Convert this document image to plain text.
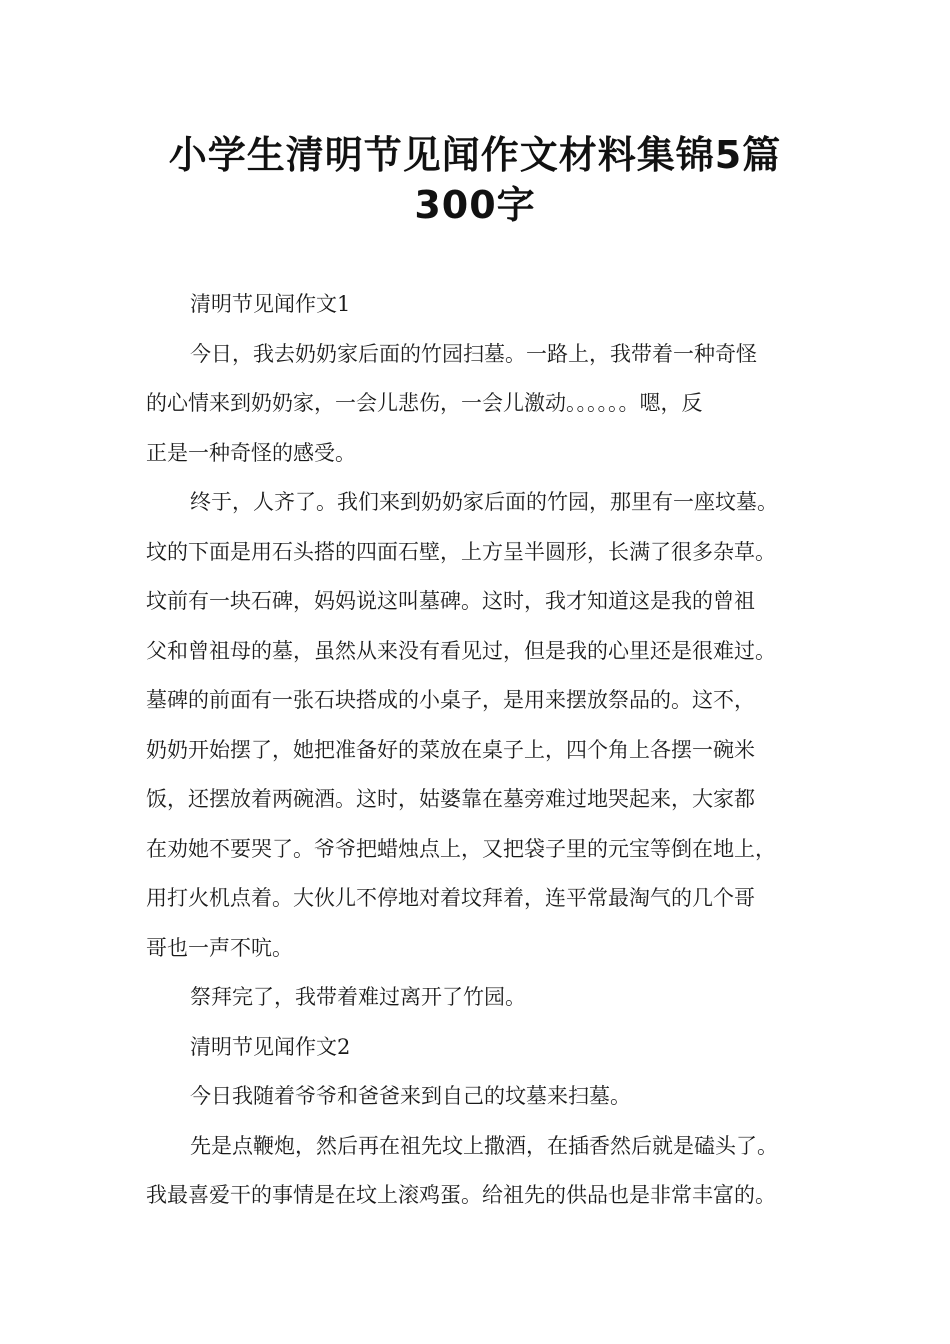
小学生清明节见闻作文材料集锦5篇
300字
清明节见闻作文1
今日，我去奶奶家后面的竹园扫墓。一路上，我带着一种奇怪
的心情来到奶奶家，一会儿悲伤，一会儿激动。。。。。。嗯，反
正是一种奇怪的感受。
终于，人齐了。我们来到奶奶家后面的竹园，那里有一座坟墓。
坟的下面是用石头搭的四面石壁，上方呈半圆形，长满了很多杂草。
坟前有一块石碑，妈妈说这叫墓碑。这时，我才知道这是我的曾祖
父和曾祖母的墓，虽然从来没有看见过，但是我的心里还是很难过。
墓碑的前面有一张石块搭成的小桌子，是用来摆放祭品的。这不，
奶奶开始摆了，她把准备好的菜放在桌子上，四个角上各摆一碗米
饭，还摆放着两碗酒。这时，姑婆靠在墓旁难过地哭起来，大家都
在劝她不要哭了。爷爷把蜡烛点上，又把袋子里的元宝等倒在地上，
用打火机点着。大伙儿不停地对着坟拜着，连平常最淘气的几个哥
哥也一声不吭。
祭拜完了，我带着难过离开了竹园。
清明节见闻作文2
今日我随着爷爷和爸爸来到自己的坟墓来扫墓。
先是点鞭炮，然后再在祖先坟上撒酒，在插香然后就是磕头了。
我最喜爱干的事情是在坟上滚鸡蛋。给祖先的供品也是非常丰富的。
